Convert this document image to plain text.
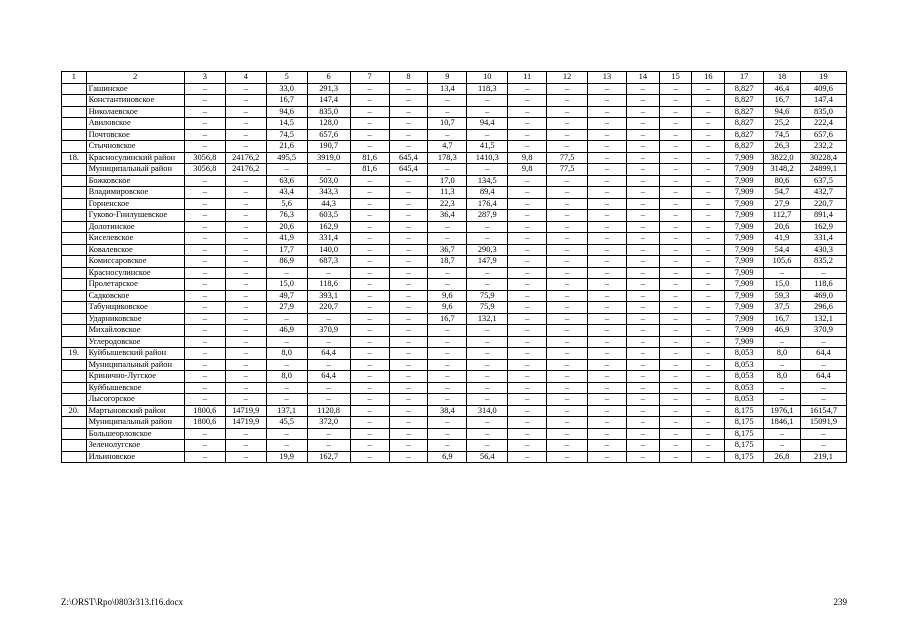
1	2	3	4	5	6	7	8	9	10	11	12	13	14	15	16	17	18	19
	Гашинское	–	–	33,0	291,3	–	–	13,4	118,3	–	–	–	–	–	–	8,827	46,4	409,6
	Константиновское	–	–	16,7	147,4	–	–	–	–	–	–	–	–	–	–	8,827	16,7	147,4
	Николаевское	–	–	94,6	835,0	–	–	–	–	–	–	–	–	–	–	8,827	94,6	835,0
	Авиловское	–	–	14,5	128,0	–	–	10,7	94,4	–	–	–	–	–	–	8,827	25,2	222,4
	Почтовское	–	–	74,5	657,6	–	–	–	–	–	–	–	–	–	–	8,827	74,5	657,6
	Стычновское	–	–	21,6	190,7	–	–	4,7	41,5	–	–	–	–	–	–	8,827	26,3	232,2
18.	Красносулинский район	3056,8	24176,2	495,5	3919,0	81,6	645,4	178,3	1410,3	9,8	77,5	–	–	–	–	7,909	3822,0	30228,4
	Муниципальный район	3056,8	24176,2	–	–	81,6	645,4	–	–	9,8	77,5	–	–	–	–	7,909	3148,2	24899,1
	Божковское	–	–	63,6	503,0	–	–	17,0	134,5	–	–	–	–	–	–	7,909	80,6	637,5
	Владимировское	–	–	43,4	343,3	–	–	11,3	89,4	–	–	–	–	–	–	7,909	54,7	432,7
	Горненское	–	–	5,6	44,3	–	–	22,3	176,4	–	–	–	–	–	–	7,909	27,9	220,7
	Гуково-Гнилушевское	–	–	76,3	603,5	–	–	36,4	287,9	–	–	–	–	–	–	7,909	112,7	891,4
	Долотинское	–	–	20,6	162,9	–	–	–	–	–	–	–	–	–	–	7,909	20,6	162,9
	Киселевское	–	–	41,9	331,4	–	–	–	–	–	–	–	–	–	–	7,909	41,9	331,4
	Ковалевское	–	–	17,7	140,0	–	–	36,7	290,3	–	–	–	–	–	–	7,909	54,4	430,3
	Комиссаровское	–	–	86,9	687,3	–	–	18,7	147,9	–	–	–	–	–	–	7,909	105,6	835,2
	Красносулинское	–	–	–	–	–	–	–	–	–	–	–	–	–	–	7,909	–	–
	Пролетарское	–	–	15,0	118,6	–	–	–	–	–	–	–	–	–	–	7,909	15,0	118,6
	Садковское	–	–	49,7	393,1	–	–	9,6	75,9	–	–	–	–	–	–	7,909	59,3	469,0
	Табунщиковское	–	–	27,9	220,7	–	–	9,6	75,9	–	–	–	–	–	–	7,909	37,5	296,6
	Ударниковское	–	–	–	–	–	–	16,7	132,1	–	–	–	–	–	–	7,909	16,7	132,1
	Михайловское	–	–	46,9	370,9	–	–	–	–	–	–	–	–	–	–	7,909	46,9	370,9
	Углеродовское	–	–	–	–	–	–	–	–	–	–	–	–	–	–	7,909	–	–
19.	Куйбышевский район	–	–	8,0	64,4	–	–	–	–	–	–	–	–	–	–	8,053	8,0	64,4
	Муниципальный район	–	–	–	–	–	–	–	–	–	–	–	–	–	–	8,053	–	–
	Кринично-Лугское	–	–	8,0	64,4	–	–	–	–	–	–	–	–	–	–	8,053	8,0	64,4
	Куйбышевское	–	–	–	–	–	–	–	–	–	–	–	–	–	–	8,053	–	–
	Лысогорское	–	–	–	–	–	–	–	–	–	–	–	–	–	–	8,053	–	–
20.	Мартыновский район	1800,6	14719,9	137,1	1120,8	–	–	38,4	314,0	–	–	–	–	–	–	8,175	1976,1	16154,7
	Муниципальный район	1800,6	14719,9	45,5	372,0	–	–	–	–	–	–	–	–	–	–	8,175	1846,1	15091,9
	Большеорловское	–	–	–	–	–	–	–	–	–	–	–	–	–	–	8,175	–	–
	Зеленолугское	–	–	–	–	–	–	–	–	–	–	–	–	–	–	8,175	–	–
	Ильиновское	–	–	19,9	162,7	–	–	6,9	56,4	–	–	–	–	–	–	8,175	26,8	219,1
Z:\ORST\Rpo\0803r313.f16.docx	239
